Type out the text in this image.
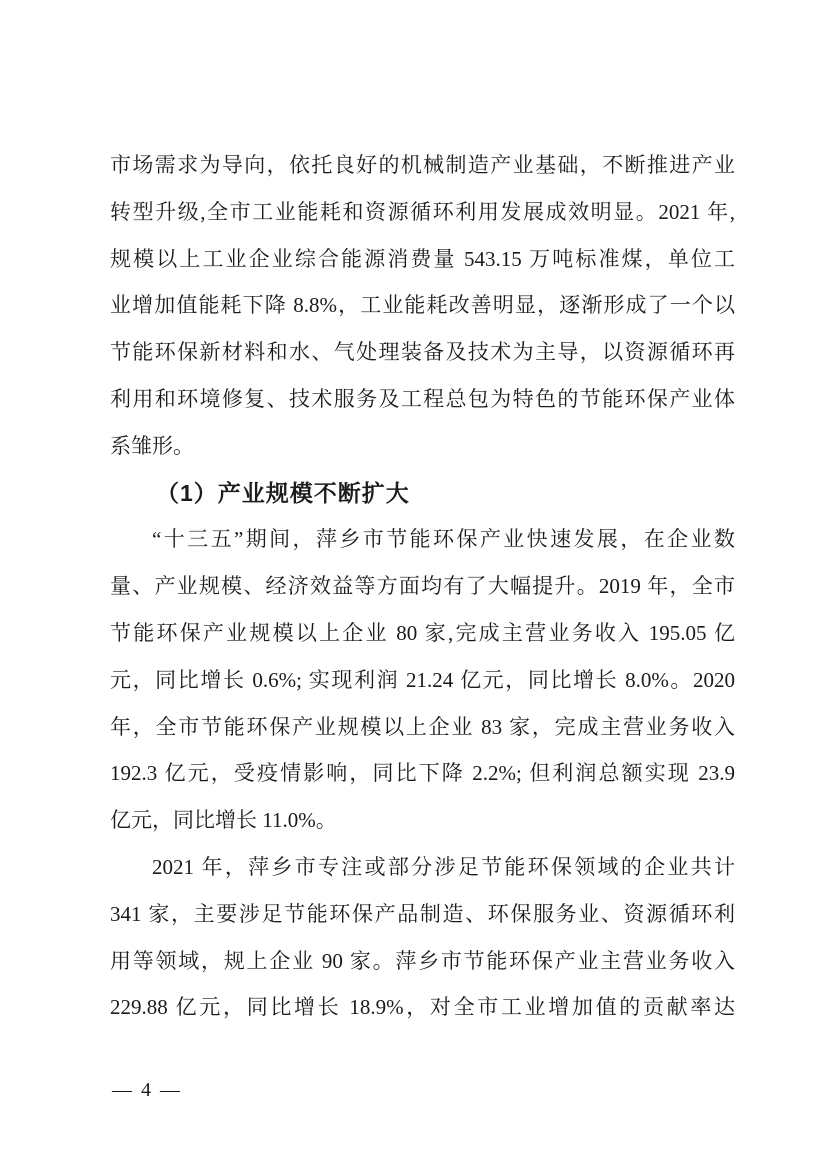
市场需求为导向，依托良好的机械制造产业基础，不断推进产业
转型升级,全市工业能耗和资源循环利用发展成效明显。2021 年,
规模以上工业企业综合能源消费量 543.15 万吨标准煤，单位工
业增加值能耗下降 8.8%，工业能耗改善明显，逐渐形成了一个以
节能环保新材料和水、气处理装备及技术为主导，以资源循环再
利用和环境修复、技术服务及工程总包为特色的节能环保产业体
系雏形。
（1）产业规模不断扩大
“十三五”期间，萍乡市节能环保产业快速发展，在企业数
量、产业规模、经济效益等方面均有了大幅提升。2019 年，全市
节能环保产业规模以上企业 80 家,完成主营业务收入 195.05 亿
元，同比增长 0.6%; 实现利润 21.24 亿元，同比增长 8.0%。2020
年，全市节能环保产业规模以上企业 83 家，完成主营业务收入
192.3 亿元，受疫情影响，同比下降 2.2%; 但利润总额实现 23.9
亿元，同比增长 11.0%。
2021 年，萍乡市专注或部分涉足节能环保领域的企业共计
341 家，主要涉足节能环保产品制造、环保服务业、资源循环利
用等领域，规上企业 90 家。萍乡市节能环保产业主营业务收入
229.88 亿元，同比增长 18.9%，对全市工业增加值的贡献率达
— 4 —
